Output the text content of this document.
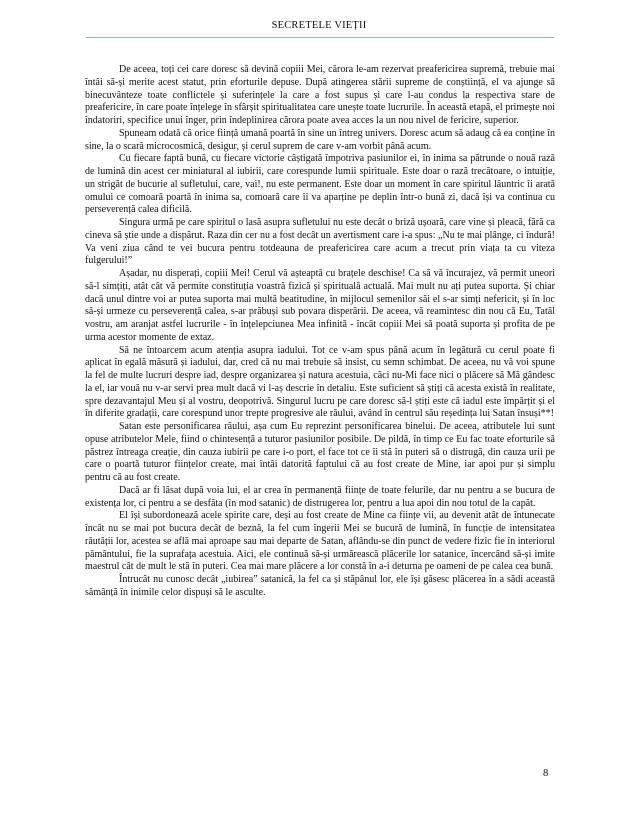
SECRETELE VIEȚII

De aceea, toți cei care doresc să devină copiii Mei, cărora le-am rezervat preafericirea supremă, trebuie mai întâi să-și merite acest statut, prin eforturile depuse. După atingerea stării supreme de conștiință, el va ajunge să binecuvânteze toate conflictele și suferințele la care a fost supus și care l-au condus la respectiva stare de preafericire, în care poate înțelege în sfârșit spiritualitatea care unește toate lucrurile. În această etapă, el primește noi îndatoriri, specifice unui înger, prin îndeplinirea cărora poate avea acces la un nou nivel de fericire, superior.

Spuneam odată că orice ființă umană poartă în sine un întreg univers. Doresc acum să adaug că ea conține în sine, la o scară microcosmică, desigur, și cerul suprem de care v-am vorbit până acum.

Cu fiecare faptă bună, cu fiecare victorie câștigată împotriva pasiunilor ei, în inima sa pătrunde o nouă rază de lumină din acest cer miniatural al iubirii, care corespunde lumii spirituale. Este doar o rază trecătoare, o intuiție, un strigăt de bucurie al sufletului, care, vai!, nu este permanent. Este doar un moment în care spiritul lăuntric îi arată omului ce comoară poartă în inima sa, comoară care îi va aparține pe deplin într-o bună zi, dacă își va continua cu perseverență calea dificilă.

Singura urmă pe care spiritul o lasă asupra sufletului nu este decât o briză ușoară, care vine și pleacă, fără ca cineva să știe unde a dispărut. Raza din cer nu a fost decât un avertisment care i-a spus: „Nu te mai plânge, ci îndură! Va veni ziua când te vei bucura pentru totdeauna de preafericirea care acum a trecut prin viața ta cu viteza fulgerului!”

Așadar, nu disperați, copiii Mei! Cerul vă așteaptă cu brațele deschise! Ca să vă încurajez, vă permit uneori să-l simțiți, atât cât vă permite constituția voastră fizică și spirituală actuală. Mai mult nu ați putea suporta. Și chiar dacă unul dintre voi ar putea suporta mai multă beatitudine, în mijlocul semenilor săi el s-ar simți nefericit, și în loc să-și urmeze cu perseverență calea, s-ar prăbuși sub povara disperării. De aceea, vă reamintesc din nou că Eu, Tatăl vostru, am aranjat astfel lucrurile - în înțelepciunea Mea infinită - încât copiii Mei să poată suporta și profita de pe urma acestor momente de extaz.

Să ne întoarcem acum atenția asupra iadului. Tot ce v-am spus până acum în legătură cu cerul poate fi aplicat în egală măsură și iadului, dar, cred că nu mai trebuie să insist, cu semn schimbat. De aceea, nu vă voi spune la fel de multe lucruri despre iad, despre organizarea și natura acestuia, căci nu-Mi face nici o plăcere să Mă gândesc la el, iar vouă nu v-ar servi prea mult dacă vi l-aș descrie în detaliu. Este suficient să știți că acesta există în realitate, spre dezavantajul Meu și al vostru, deopotrivă. Singurul lucru pe care doresc să-l știți este că iadul este împărțit și el în diferite gradații, care corespund unor trepte progresive ale răului, având în centrul său reședința lui Satan însuși**!

Satan este personificarea răului, așa cum Eu reprezint personificarea binelui. De aceea, atributele lui sunt opuse atributelor Mele, fiind o chintesență a tuturor pasiunilor posibile. De pildă, în timp ce Eu fac toate eforturile să păstrez întreaga creație, din cauza iubirii pe care i-o port, el face tot ce îi stă în puteri să o distrugă, din cauza urii pe care o poartă tuturor ființelor create, mai întâi datorită faptului că au fost create de Mine, iar apoi pur și simplu pentru că au fost create.

Dacă ar fi lăsat după voia lui, el ar crea în permanență ființe de toate felurile, dar nu pentru a se bucura de existența lor, ci pentru a se desfăta (în mod satanic) de distrugerea lor, pentru a lua apoi din nou totul de la capăt.

El își subordonează acele spirite care, deși au fost create de Mine ca ființe vii, au devenit atât de întunecate încât nu se mai pot bucura decât de beznă, la fel cum îngerii Mei se bucură de lumină, în funcție de intensitatea răutății lor, acestea se află mai aproape sau mai departe de Satan, aflându-se din punct de vedere fizic fie în interiorul pământului, fie la suprafața acestuia. Aici, ele continuă să-și urmărească plăcerile lor satanice, încercând să-și imite maestrul cât de mult le stă în puteri. Cea mai mare plăcere a lor constă în a-i deturna pe oameni de pe calea cea bună.

Întrucât nu cunosc decât „iubirea” satanică, la fel ca și stăpânul lor, ele își găsesc plăcerea în a sădi această sămânță în inimile celor dispuși să le asculte.

8
